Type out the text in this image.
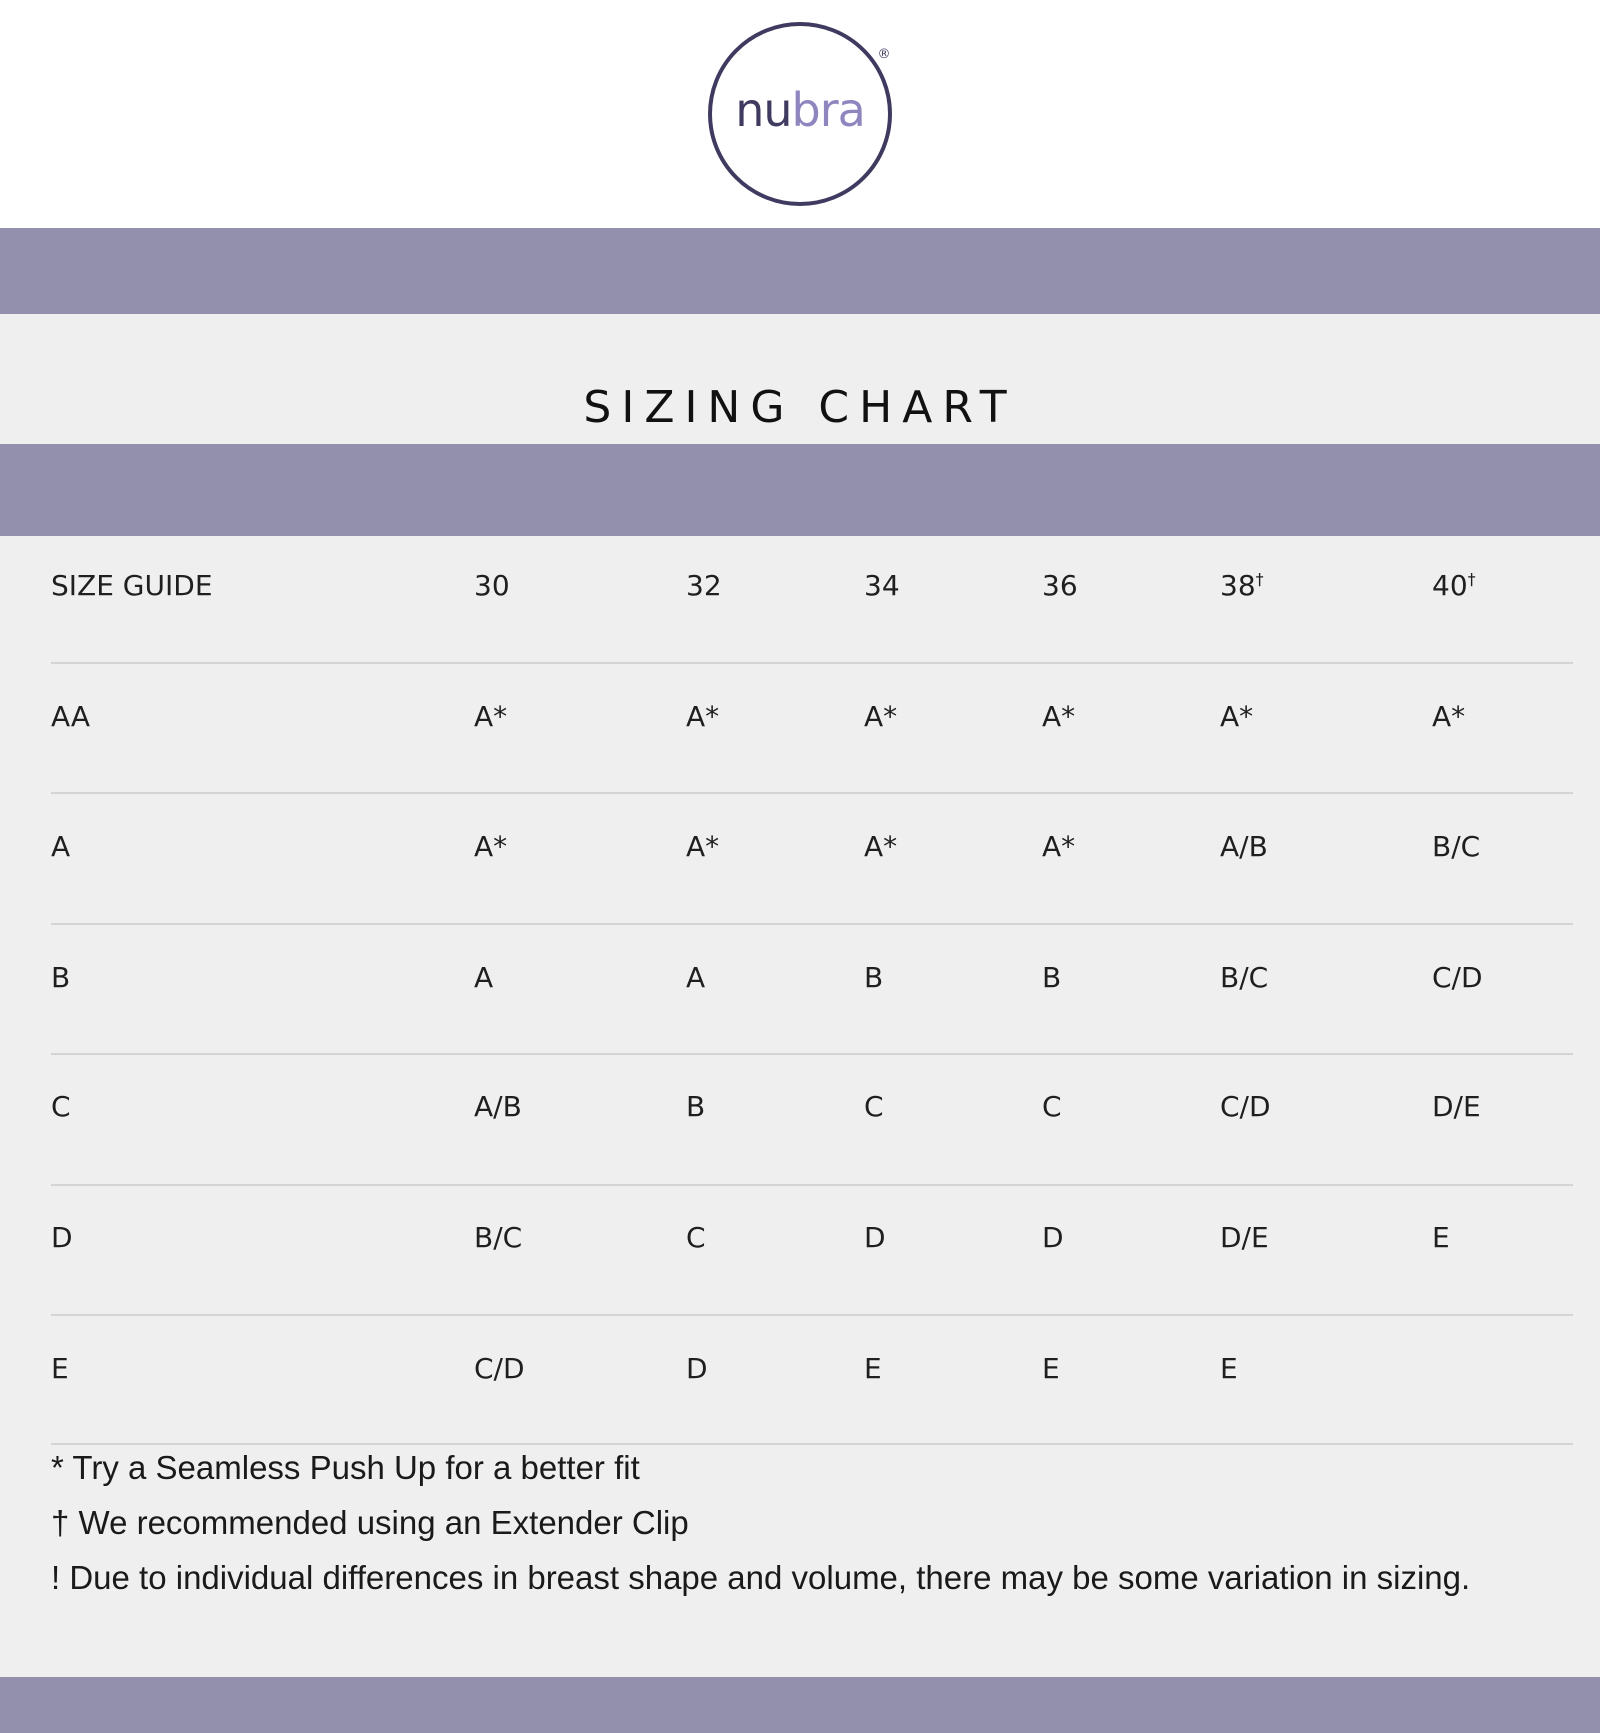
nubra
®
SIZING CHART
SIZE GUIDE	30	32	34	36	38†	40†
AA	A*	A*	A*	A*	A*	A*
A	A*	A*	A*	A*	A/B	B/C
B	A	A	B	B	B/C	C/D
C	A/B	B	C	C	C/D	D/E
D	B/C	C	D	D	D/E	E
E	C/D	D	E	E	E
* Try a Seamless Push Up for a better fit
† We recommended using an Extender Clip
! Due to individual differences in breast shape and volume, there may be some variation in sizing.
